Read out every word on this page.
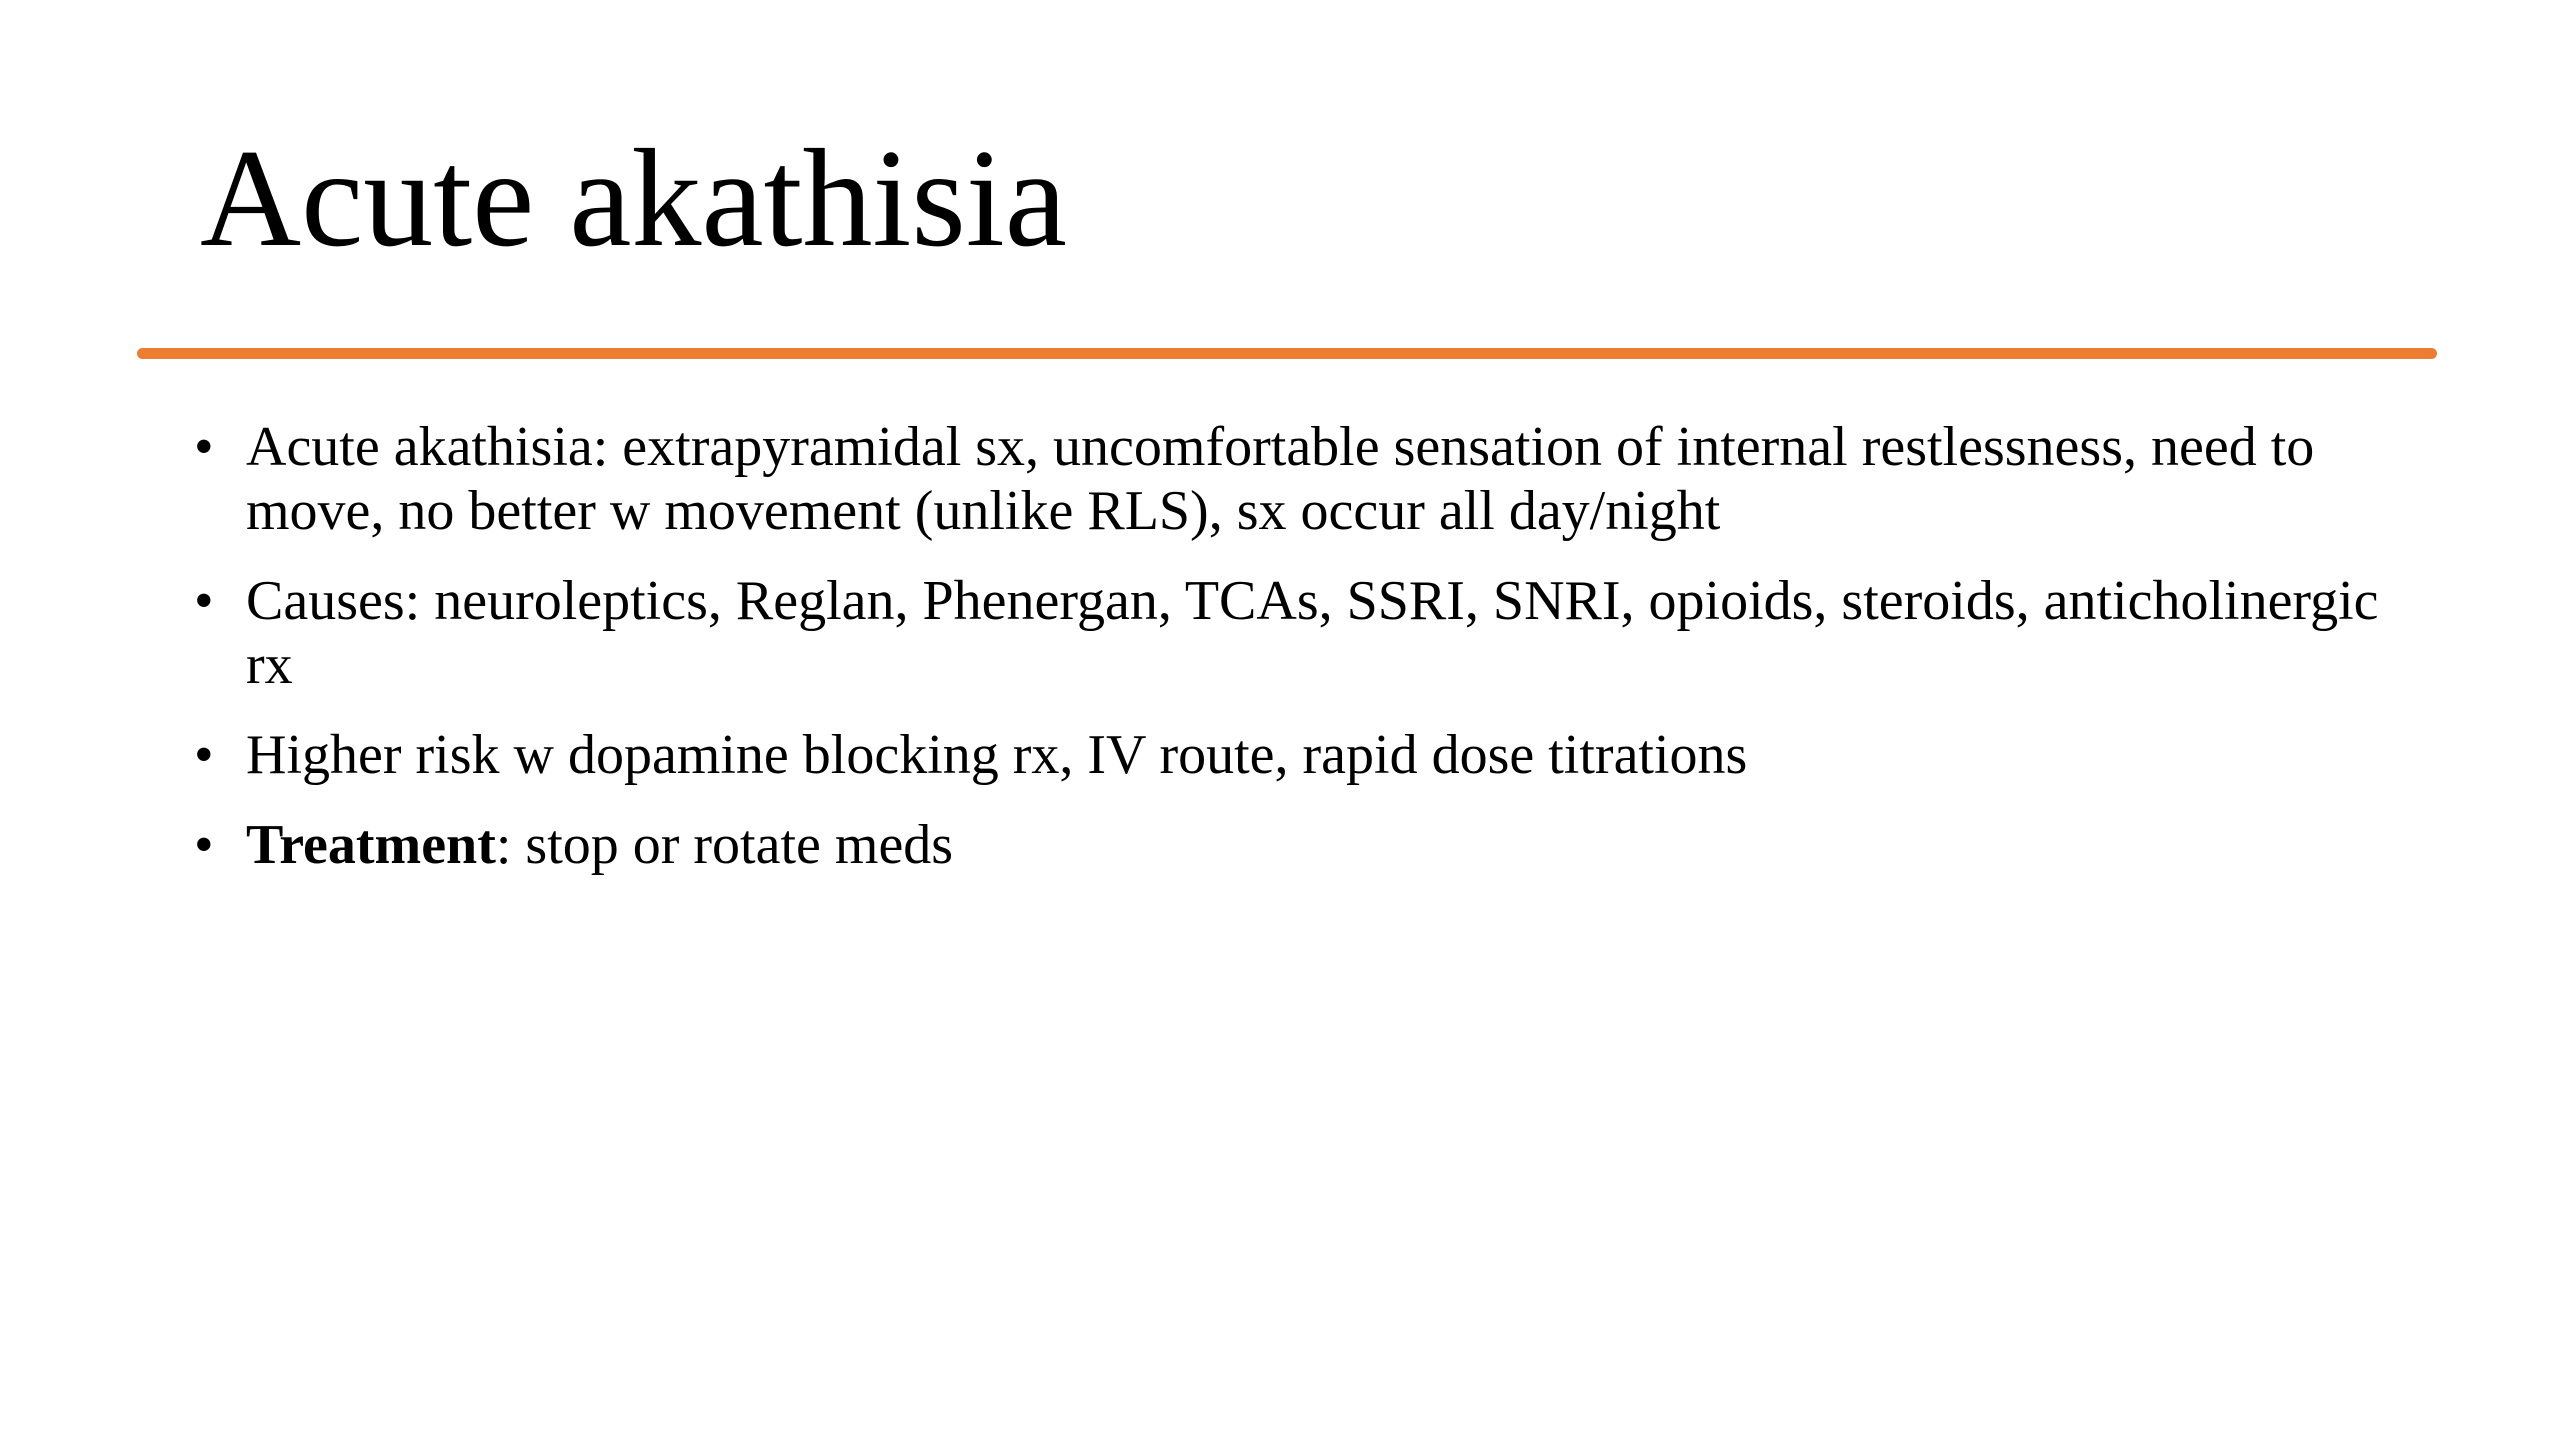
Acute akathisia
• Acute akathisia: extrapyramidal sx, uncomfortable sensation of internal restlessness, need to move, no better w movement (unlike RLS), sx occur all day/night
• Causes: neuroleptics, Reglan, Phenergan, TCAs, SSRI, SNRI, opioids, steroids, anticholinergic rx
• Higher risk w dopamine blocking rx, IV route, rapid dose titrations
• Treatment: stop or rotate meds
